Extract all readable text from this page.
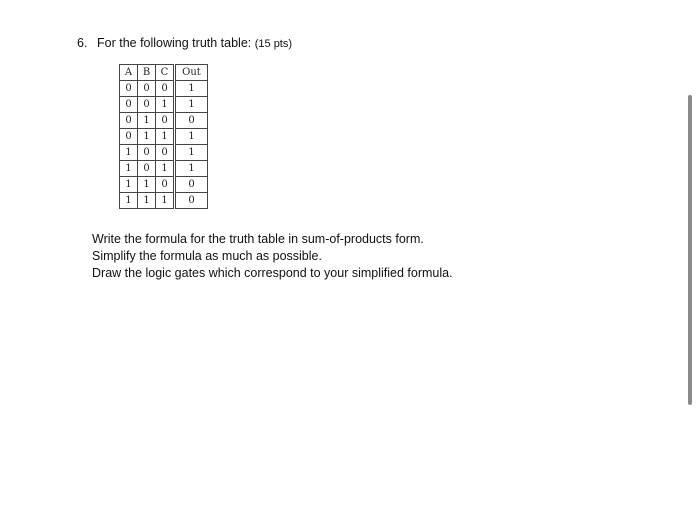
6. For the following truth table: (15 pts)
A	B	C	Out
0	0	0	1
0	0	1	1
0	1	0	0
0	1	1	1
1	0	0	1
1	0	1	1
1	1	0	0
1	1	1	0
Write the formula for the truth table in sum-of-products form.
Simplify the formula as much as possible.
Draw the logic gates which correspond to your simplified formula.
